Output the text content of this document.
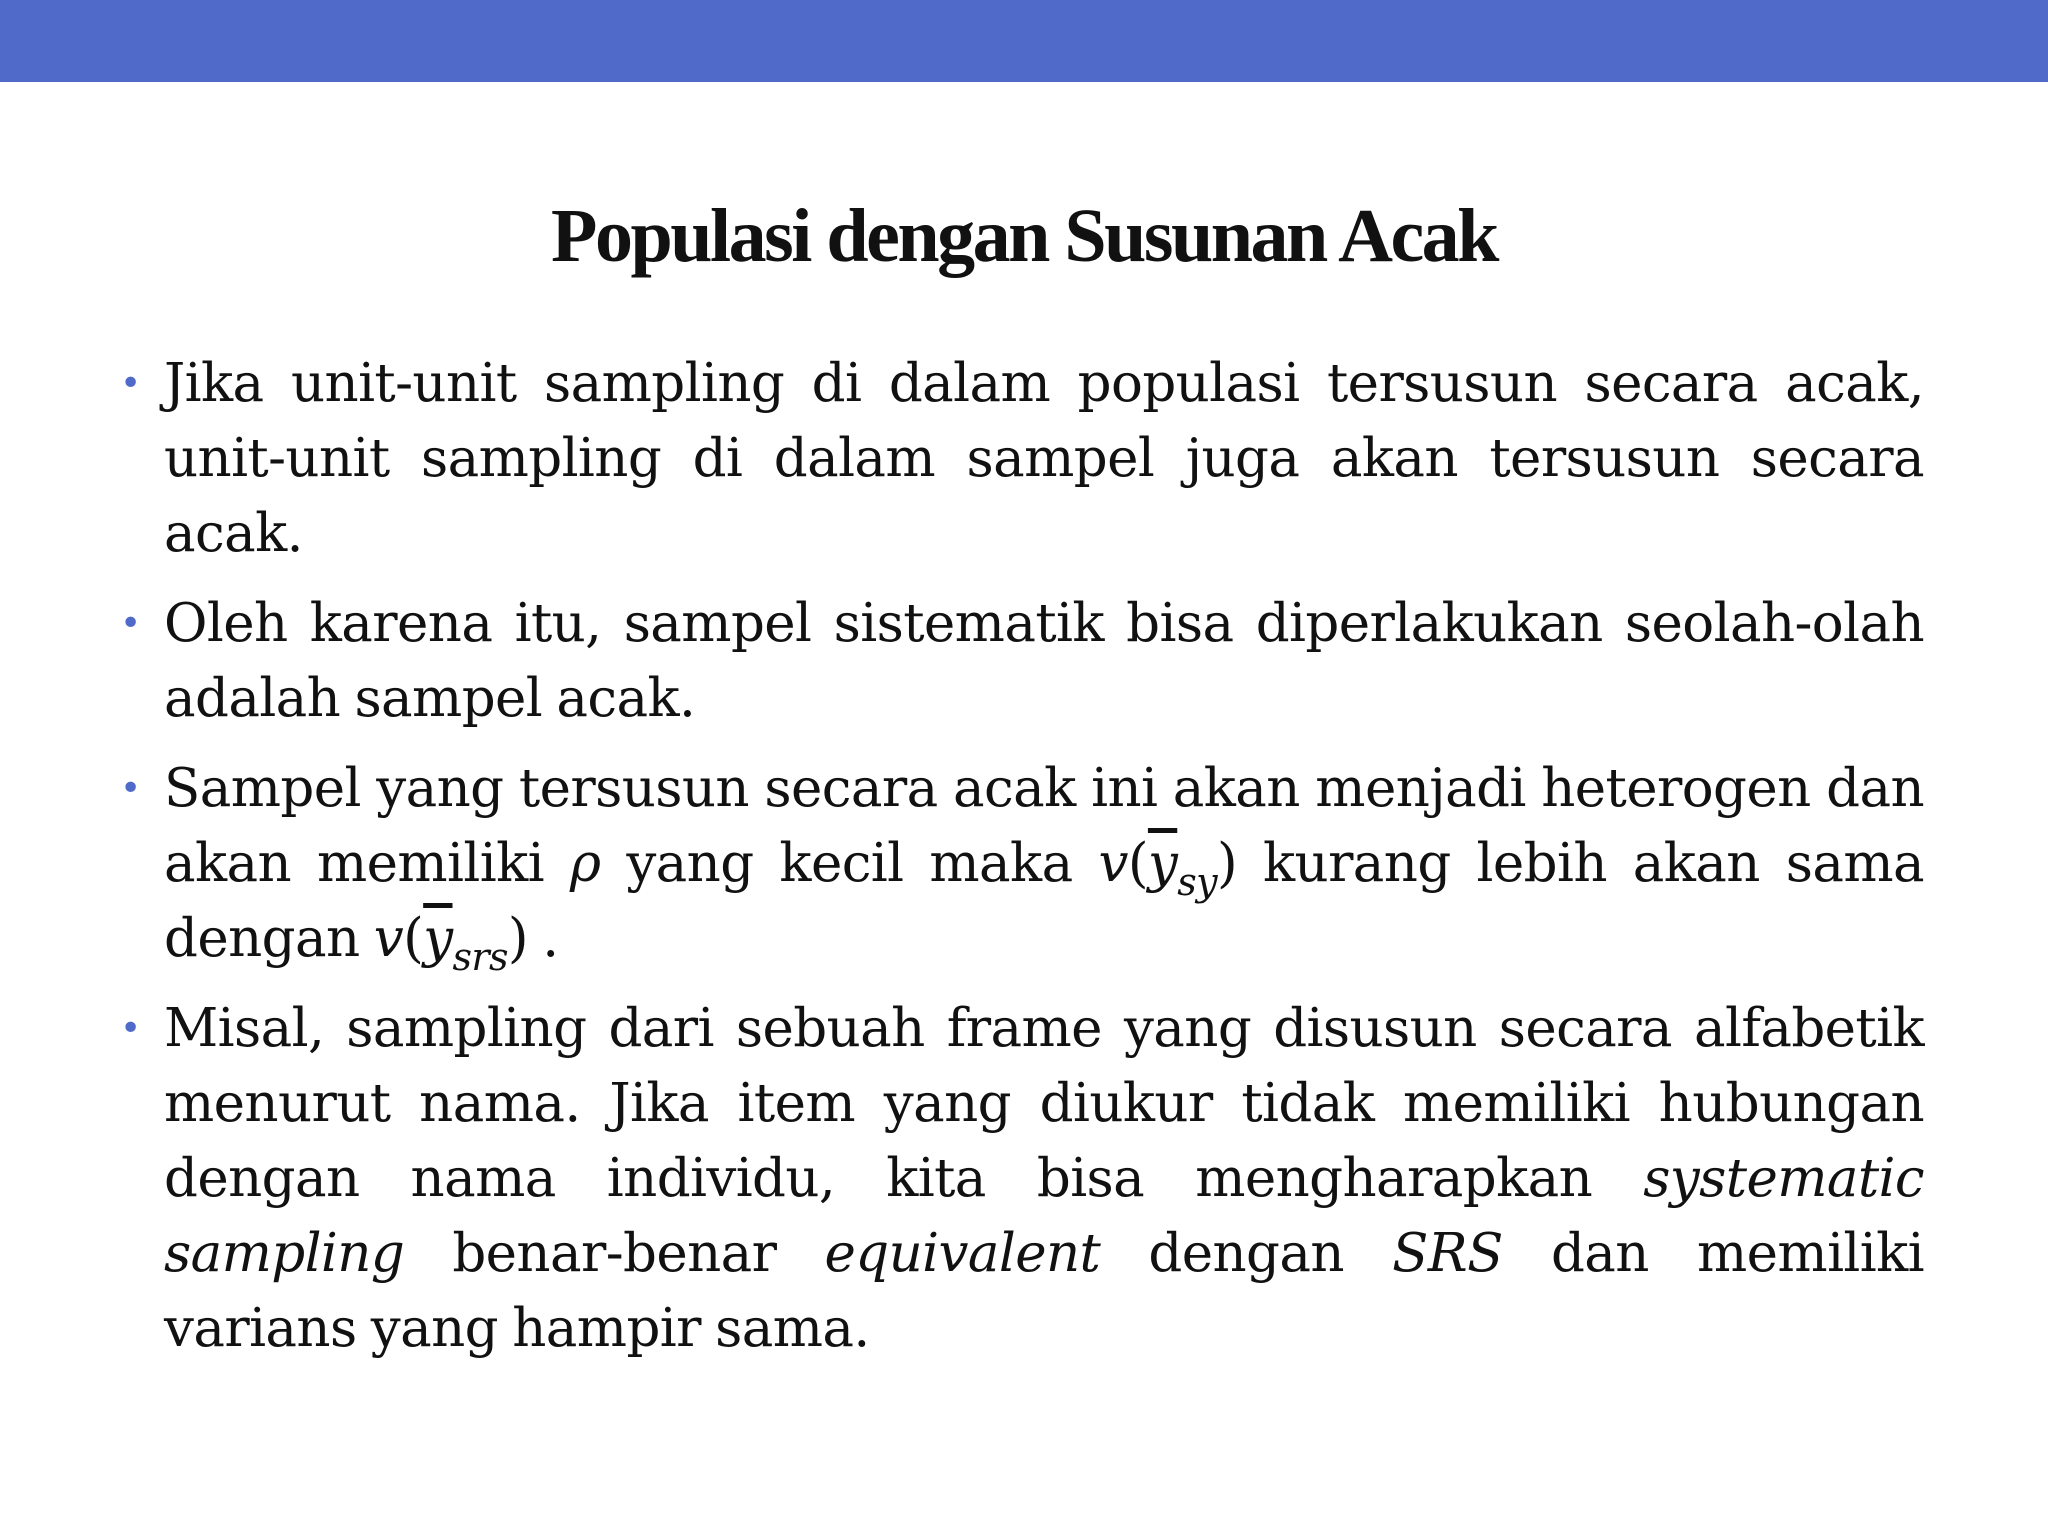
Populasi dengan Susunan Acak
• Jika unit-unit sampling di dalam populasi tersusun secara acak, unit-unit sampling di dalam sampel juga akan tersusun secara acak.
• Oleh karena itu, sampel sistematik bisa diperlakukan seolah-olah adalah sampel acak.
• Sampel yang tersusun secara acak ini akan menjadi heterogen dan akan memiliki ρ yang kecil maka $v(\overline{y}_{sy})$ kurang lebih akan sama dengan $v(\overline{y}_{srs})$ .
• Misal, sampling dari sebuah frame yang disusun secara alfabetik menurut nama. Jika item yang diukur tidak memiliki hubungan dengan nama individu, kita bisa mengharapkan systematic sampling benar-benar equivalent dengan SRS dan memiliki varians yang hampir sama.
